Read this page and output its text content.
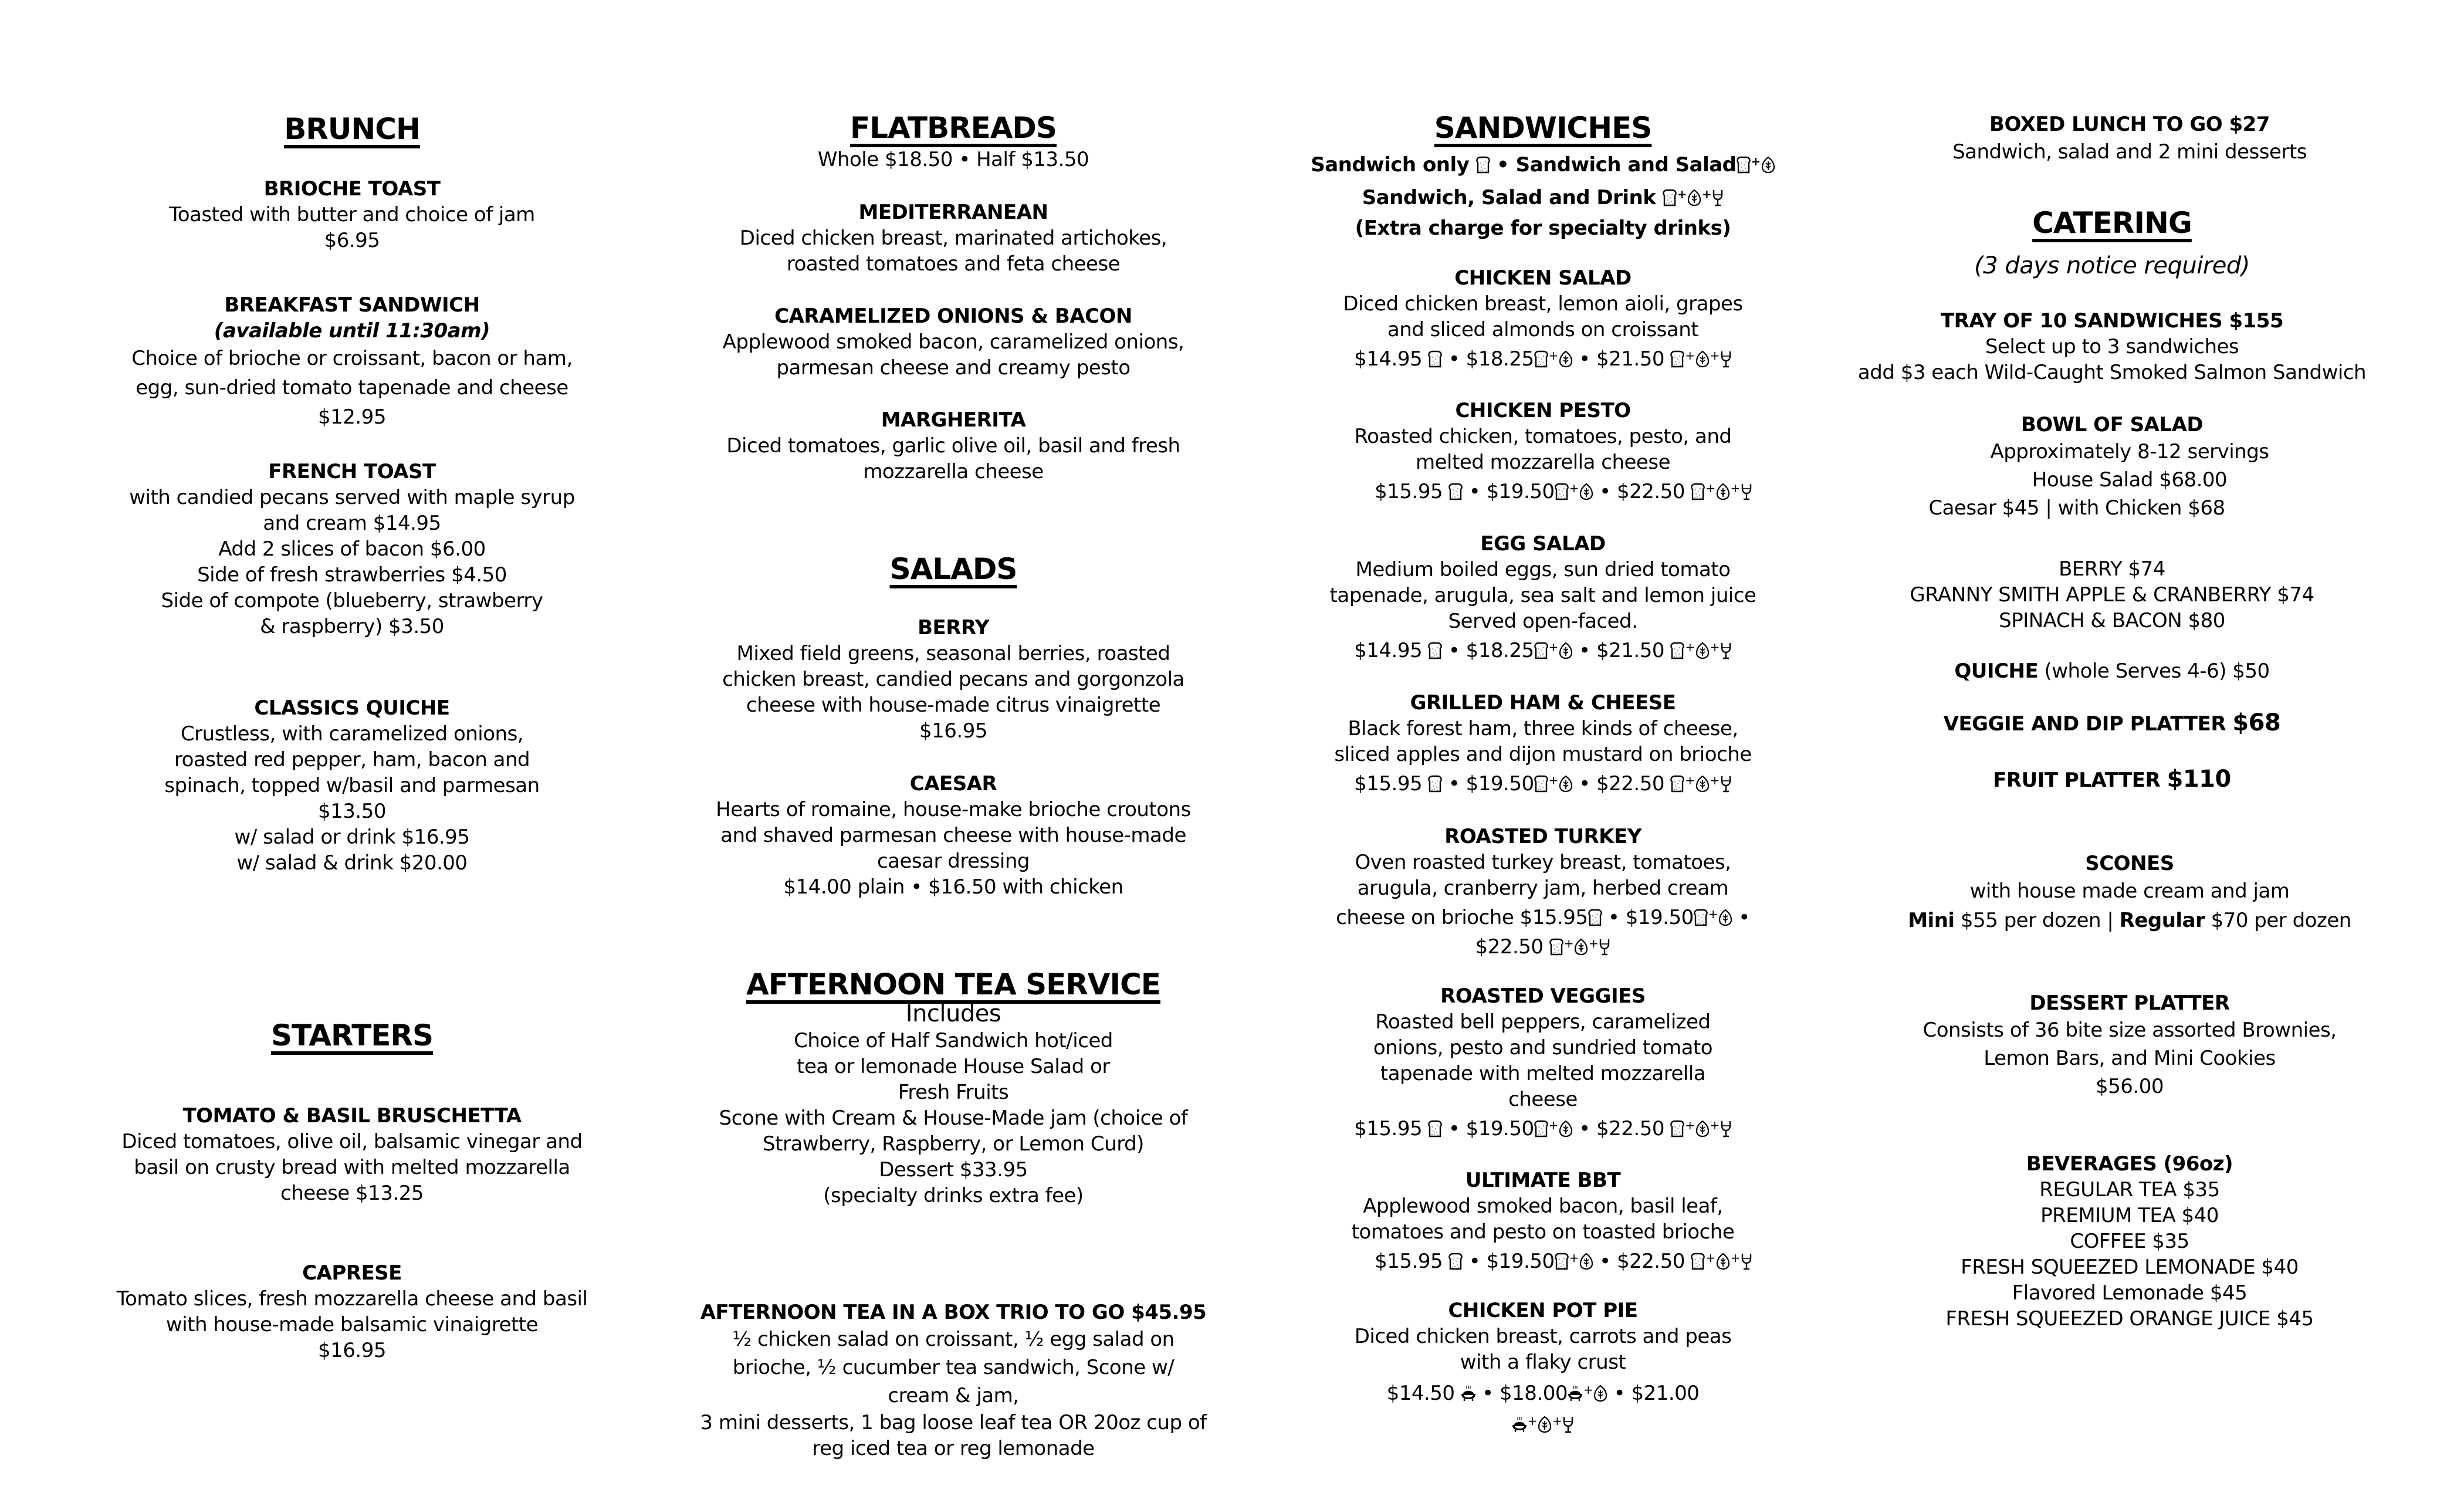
BRUNCH
BRIOCHE TOAST
Toasted with butter and choice of jam
$6.95
BREAKFAST SANDWICH
(available until 11:30am)
Choice of brioche or croissant, bacon or ham,
egg, sun-dried tomato tapenade and cheese
$12.95
FRENCH TOAST
with candied pecans served with maple syrup
and cream $14.95
Add 2 slices of bacon $6.00
Side of fresh strawberries $4.50
Side of compote (blueberry, strawberry
& raspberry) $3.50
CLASSICS QUICHE
Crustless, with caramelized onions,
roasted red pepper, ham, bacon and
spinach, topped w/basil and parmesan
$13.50
w/ salad or drink $16.95
w/ salad & drink $20.00
STARTERS
TOMATO & BASIL BRUSCHETTA
Diced tomatoes, olive oil, balsamic vinegar and
basil on crusty bread with melted mozzarella
cheese $13.25
CAPRESE
Tomato slices, fresh mozzarella cheese and basil
with house-made balsamic vinaigrette
$16.95
FLATBREADS
Whole $18.50 • Half $13.50
MEDITERRANEAN
Diced chicken breast, marinated artichokes,
roasted tomatoes and feta cheese
CARAMELIZED ONIONS & BACON
Applewood smoked bacon, caramelized onions,
parmesan cheese and creamy pesto
MARGHERITA
Diced tomatoes, garlic olive oil, basil and fresh
mozzarella cheese
SALADS
BERRY
Mixed field greens, seasonal berries, roasted
chicken breast, candied pecans and gorgonzola
cheese with house-made citrus vinaigrette
$16.95
CAESAR
Hearts of romaine, house-make brioche croutons
and shaved parmesan cheese with house-made
caesar dressing
$14.00 plain • $16.50 with chicken
AFTERNOON TEA SERVICE
Includes
Choice of Half Sandwich hot/iced
tea or lemonade House Salad or
Fresh Fruits
Scone with Cream & House-Made jam (choice of
Strawberry, Raspberry, or Lemon Curd)
Dessert $33.95
(specialty drinks extra fee)
AFTERNOON TEA IN A BOX TRIO TO GO $45.95
½ chicken salad on croissant, ½ egg salad on
brioche, ½ cucumber tea sandwich, Scone w/
cream & jam,
3 mini desserts, 1 bag loose leaf tea OR 20oz cup of
reg iced tea or reg lemonade
SANDWICHES
Sandwich only • Sandwich and Salad +
Sandwich, Salad and Drink + +
(Extra charge for specialty drinks)
CHICKEN SALAD
Diced chicken breast, lemon aioli, grapes
and sliced almonds on croissant
$14.95 • $18.25 + • $21.50 + +
CHICKEN PESTO
Roasted chicken, tomatoes, pesto, and
melted mozzarella cheese
$15.95 • $19.50 + • $22.50 + +
EGG SALAD
Medium boiled eggs, sun dried tomato
tapenade, arugula, sea salt and lemon juice
Served open-faced.
$14.95 • $18.25 + • $21.50 + +
GRILLED HAM & CHEESE
Black forest ham, three kinds of cheese,
sliced apples and dijon mustard on brioche
$15.95 • $19.50 + • $22.50 + +
ROASTED TURKEY
Oven roasted turkey breast, tomatoes,
arugula, cranberry jam, herbed cream
cheese on brioche $15.95 • $19.50 + •
$22.50 + +
ROASTED VEGGIES
Roasted bell peppers, caramelized
onions, pesto and sundried tomato
tapenade with melted mozzarella
cheese
$15.95 • $19.50 + • $22.50 + +
ULTIMATE BBT
Applewood smoked bacon, basil leaf,
tomatoes and pesto on toasted brioche
$15.95 • $19.50 + • $22.50 + +
CHICKEN POT PIE
Diced chicken breast, carrots and peas
with a flaky crust
$14.50 • $18.00 + • $21.00
+ +
BOXED LUNCH TO GO $27
Sandwich, salad and 2 mini desserts
CATERING
(3 days notice required)
TRAY OF 10 SANDWICHES $155
Select up to 3 sandwiches
add $3 each Wild-Caught Smoked Salmon Sandwich
BOWL OF SALAD
Approximately 8-12 servings
House Salad $68.00
Caesar $45 | with Chicken $68
BERRY $74
GRANNY SMITH APPLE & CRANBERRY $74
SPINACH & BACON $80
QUICHE (whole Serves 4-6) $50
VEGGIE AND DIP PLATTER $68
FRUIT PLATTER $110
SCONES
with house made cream and jam
Mini $55 per dozen | Regular $70 per dozen
DESSERT PLATTER
Consists of 36 bite size assorted Brownies,
Lemon Bars, and Mini Cookies
$56.00
BEVERAGES (96oz)
REGULAR TEA $35
PREMIUM TEA $40
COFFEE $35
FRESH SQUEEZED LEMONADE $40
Flavored Lemonade $45
FRESH SQUEEZED ORANGE JUICE $45
